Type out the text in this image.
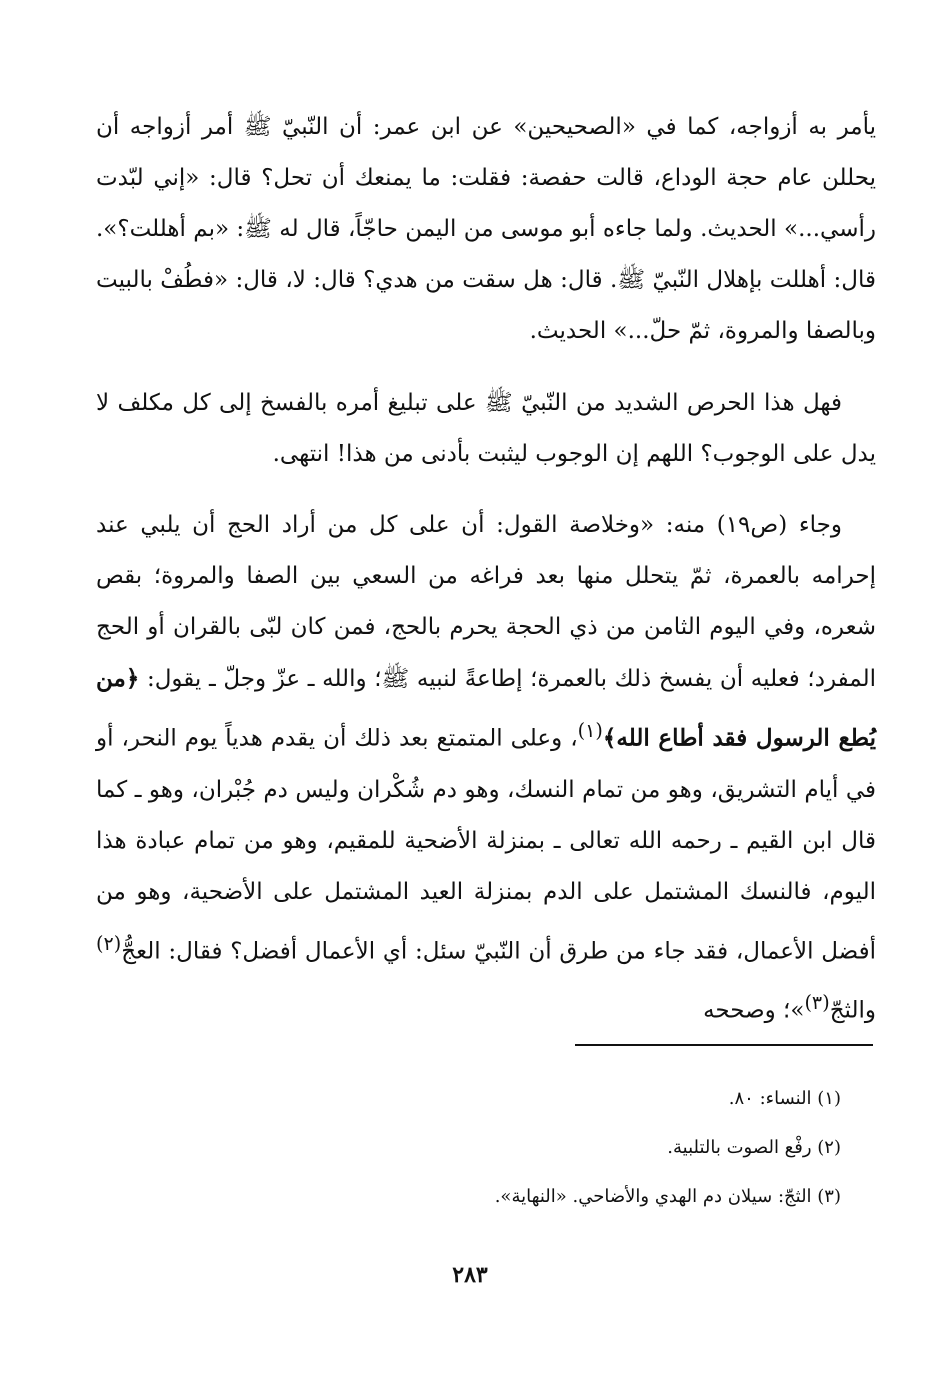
يأمر به أزواجه، كما في «الصحيحين» عن ابن عمر: أن النّبيّ ﷺ أمر أزواجه أن يحللن عام حجة الوداع، قالت حفصة: فقلت: ما يمنعك أن تحل؟ قال: «إني لبّدت رأسي...» الحديث. ولما جاءه أبو موسى من اليمن حاجّاً، قال له ﷺ: «بم أهللت؟». قال: أهللت بإهلال النّبيّ ﷺ. قال: هل سقت من هدي؟ قال: لا، قال: «فطُفْ بالبيت وبالصفا والمروة، ثمّ حلّ...» الحديث.

فهل هذا الحرص الشديد من النّبيّ ﷺ على تبليغ أمره بالفسخ إلى كل مكلف لا يدل على الوجوب؟ اللهم إن الوجوب ليثبت بأدنى من هذا! انتهى.

وجاء (ص١٩) منه: «وخلاصة القول: أن على كل من أراد الحج أن يلبي عند إحرامه بالعمرة، ثمّ يتحلل منها بعد فراغه من السعي بين الصفا والمروة؛ بقص شعره، وفي اليوم الثامن من ذي الحجة يحرم بالحج، فمن كان لبّى بالقران أو الحج المفرد؛ فعليه أن يفسخ ذلك بالعمرة؛ إطاعةً لنبيه ﷺ؛ والله ـ عزّ وجلّ ـ يقول: ﴿من يُطع الرسول فقد أطاع الله﴾$^{(١)}$، وعلى المتمتع بعد ذلك أن يقدم هدياً يوم النحر، أو في أيام التشريق، وهو من تمام النسك، وهو دم شُكْران وليس دم جُبْران، وهو ـ كما قال ابن القيم ـ رحمه الله تعالى ـ بمنزلة الأضحية للمقيم، وهو من تمام عبادة هذا اليوم، فالنسك المشتمل على الدم بمنزلة العيد المشتمل على الأضحية، وهو من أفضل الأعمال، فقد جاء من طرق أن النّبيّ سئل: أي الأعمال أفضل؟ فقال: العجُّ$^{(٢)}$ والثجّ$^{(٣)}$»؛ وصححه

(١) النساء: ٨٠.

(٢) رفْع الصوت بالتلبية.

(٣) الثجّ: سيلان دم الهدي والأضاحي. «النهاية».

٢٨٣
